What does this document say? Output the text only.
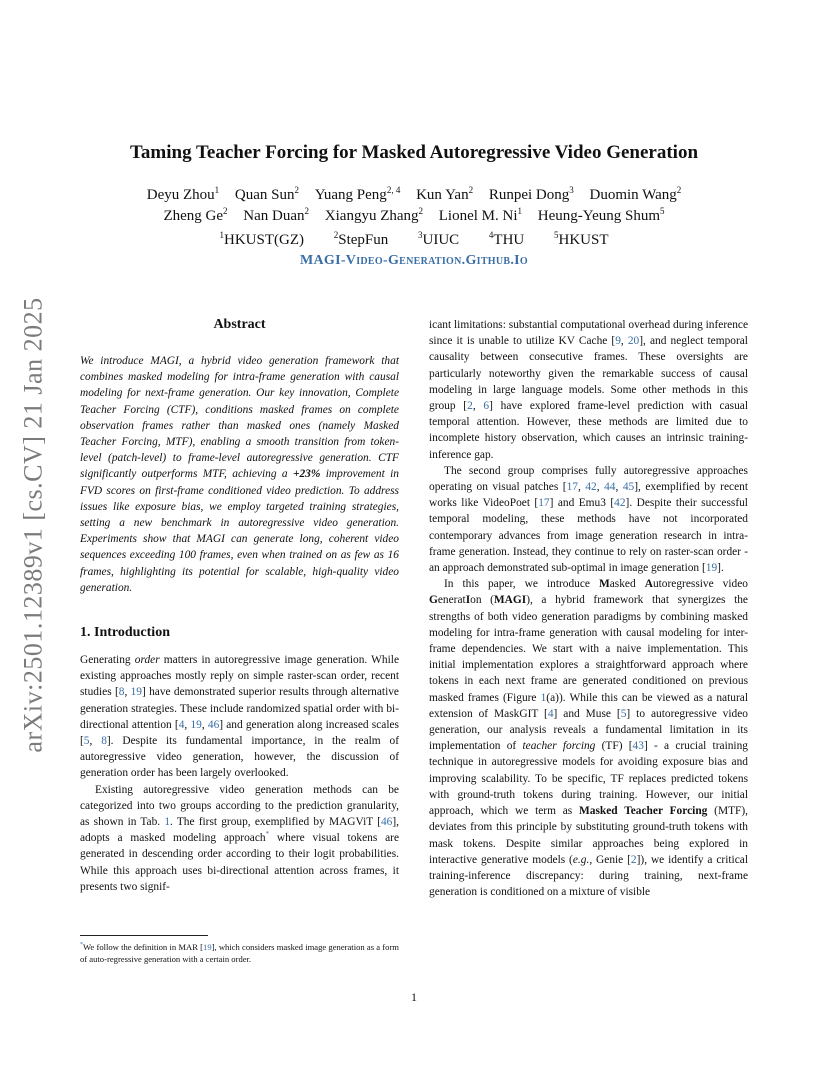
arXiv:2501.12389v1 [cs.CV] 21 Jan 2025
Taming Teacher Forcing for Masked Autoregressive Video Generation
Deyu Zhou$^1$ Quan Sun$^2$ Yuang Peng$^{2, 4}$ Kun Yan$^2$ Runpei Dong$^3$ Duomin Wang$^2$
Zheng Ge$^2$ Nan Duan$^2$ Xiangyu Zhang$^2$ Lionel M. Ni$^1$ Heung-Yeung Shum$^5$
$^1$HKUST(GZ)	$^2$StepFun	$^3$UIUC	$^4$THU	$^5$HKUST
MAGI-Video-Generation.Github.Io
Abstract

We introduce MAGI, a hybrid video generation framework that combines masked modeling for intra-frame generation with causal modeling for next-frame generation. Our key innovation, Complete Teacher Forcing (CTF), conditions masked frames on complete observation frames rather than masked ones (namely Masked Teacher Forcing, MTF), enabling a smooth transition from token-level (patch-level) to frame-level autoregressive generation. CTF significantly outperforms MTF, achieving a +23% improvement in FVD scores on first-frame conditioned video prediction. To address issues like exposure bias, we employ targeted training strategies, setting a new benchmark in autoregressive video generation. Experiments show that MAGI can generate long, coherent video sequences exceeding 100 frames, even when trained on as few as 16 frames, highlighting its potential for scalable, high-quality video generation.

1. Introduction

Generating order matters in autoregressive image generation. While existing approaches mostly reply on simple raster-scan order, recent studies [8, 19] have demonstrated superior results through alternative generation strategies. These include randomized spatial order with bi-directional attention [4, 19, 46] and generation along increased scales [5, 8]. Despite its fundamental importance, in the realm of autoregressive video generation, however, the discussion of generation order has been largely overlooked.

Existing autoregressive video generation methods can be categorized into two groups according to the prediction granularity, as shown in Tab. 1. The first group, exemplified by MAGViT [46], adopts a masked modeling approach* where visual tokens are generated in descending order according to their logit probabilities. While this approach uses bi-directional attention across frames, it presents two signif-

icant limitations: substantial computational overhead during inference since it is unable to utilize KV Cache [9, 20], and neglect temporal causality between consecutive frames. These oversights are particularly noteworthy given the remarkable success of causal modeling in large language models. Some other methods in this group [2, 6] have explored frame-level prediction with casual temporal attention. However, these methods are limited due to incomplete history observation, which causes an intrinsic training-inference gap.

The second group comprises fully autoregressive approaches operating on visual patches [17, 42, 44, 45], exemplified by recent works like VideoPoet [17] and Emu3 [42]. Despite their successful temporal modeling, these methods have not incorporated contemporary advances from image generation research in intra-frame generation. Instead, they continue to rely on raster-scan order - an approach demonstrated sub-optimal in image generation [19].

In this paper, we introduce Masked Autoregressive video GeneratIon (MAGI), a hybrid framework that synergizes the strengths of both video generation paradigms by combining masked modeling for intra-frame generation with causal modeling for inter-frame dependencies. We start with a naive implementation. This initial implementation explores a straightforward approach where tokens in each next frame are generated conditioned on previous masked frames (Figure 1(a)). While this can be viewed as a natural extension of MaskGIT [4] and Muse [5] to autoregressive video generation, our analysis reveals a fundamental limitation in its implementation of teacher forcing (TF) [43] - a crucial training technique in autoregressive models for avoiding exposure bias and improving scalability. To be specific, TF replaces predicted tokens with ground-truth tokens during training. However, our initial approach, which we term as Masked Teacher Forcing (MTF), deviates from this principle by substituting ground-truth tokens with mask tokens. Despite similar approaches being explored in interactive generative models (e.g., Genie [2]), we identify a critical training-inference discrepancy: during training, next-frame generation is conditioned on a mixture of visible

*We follow the definition in MAR [19], which considers masked image generation as a form of auto-regressive generation with a certain order.
1
